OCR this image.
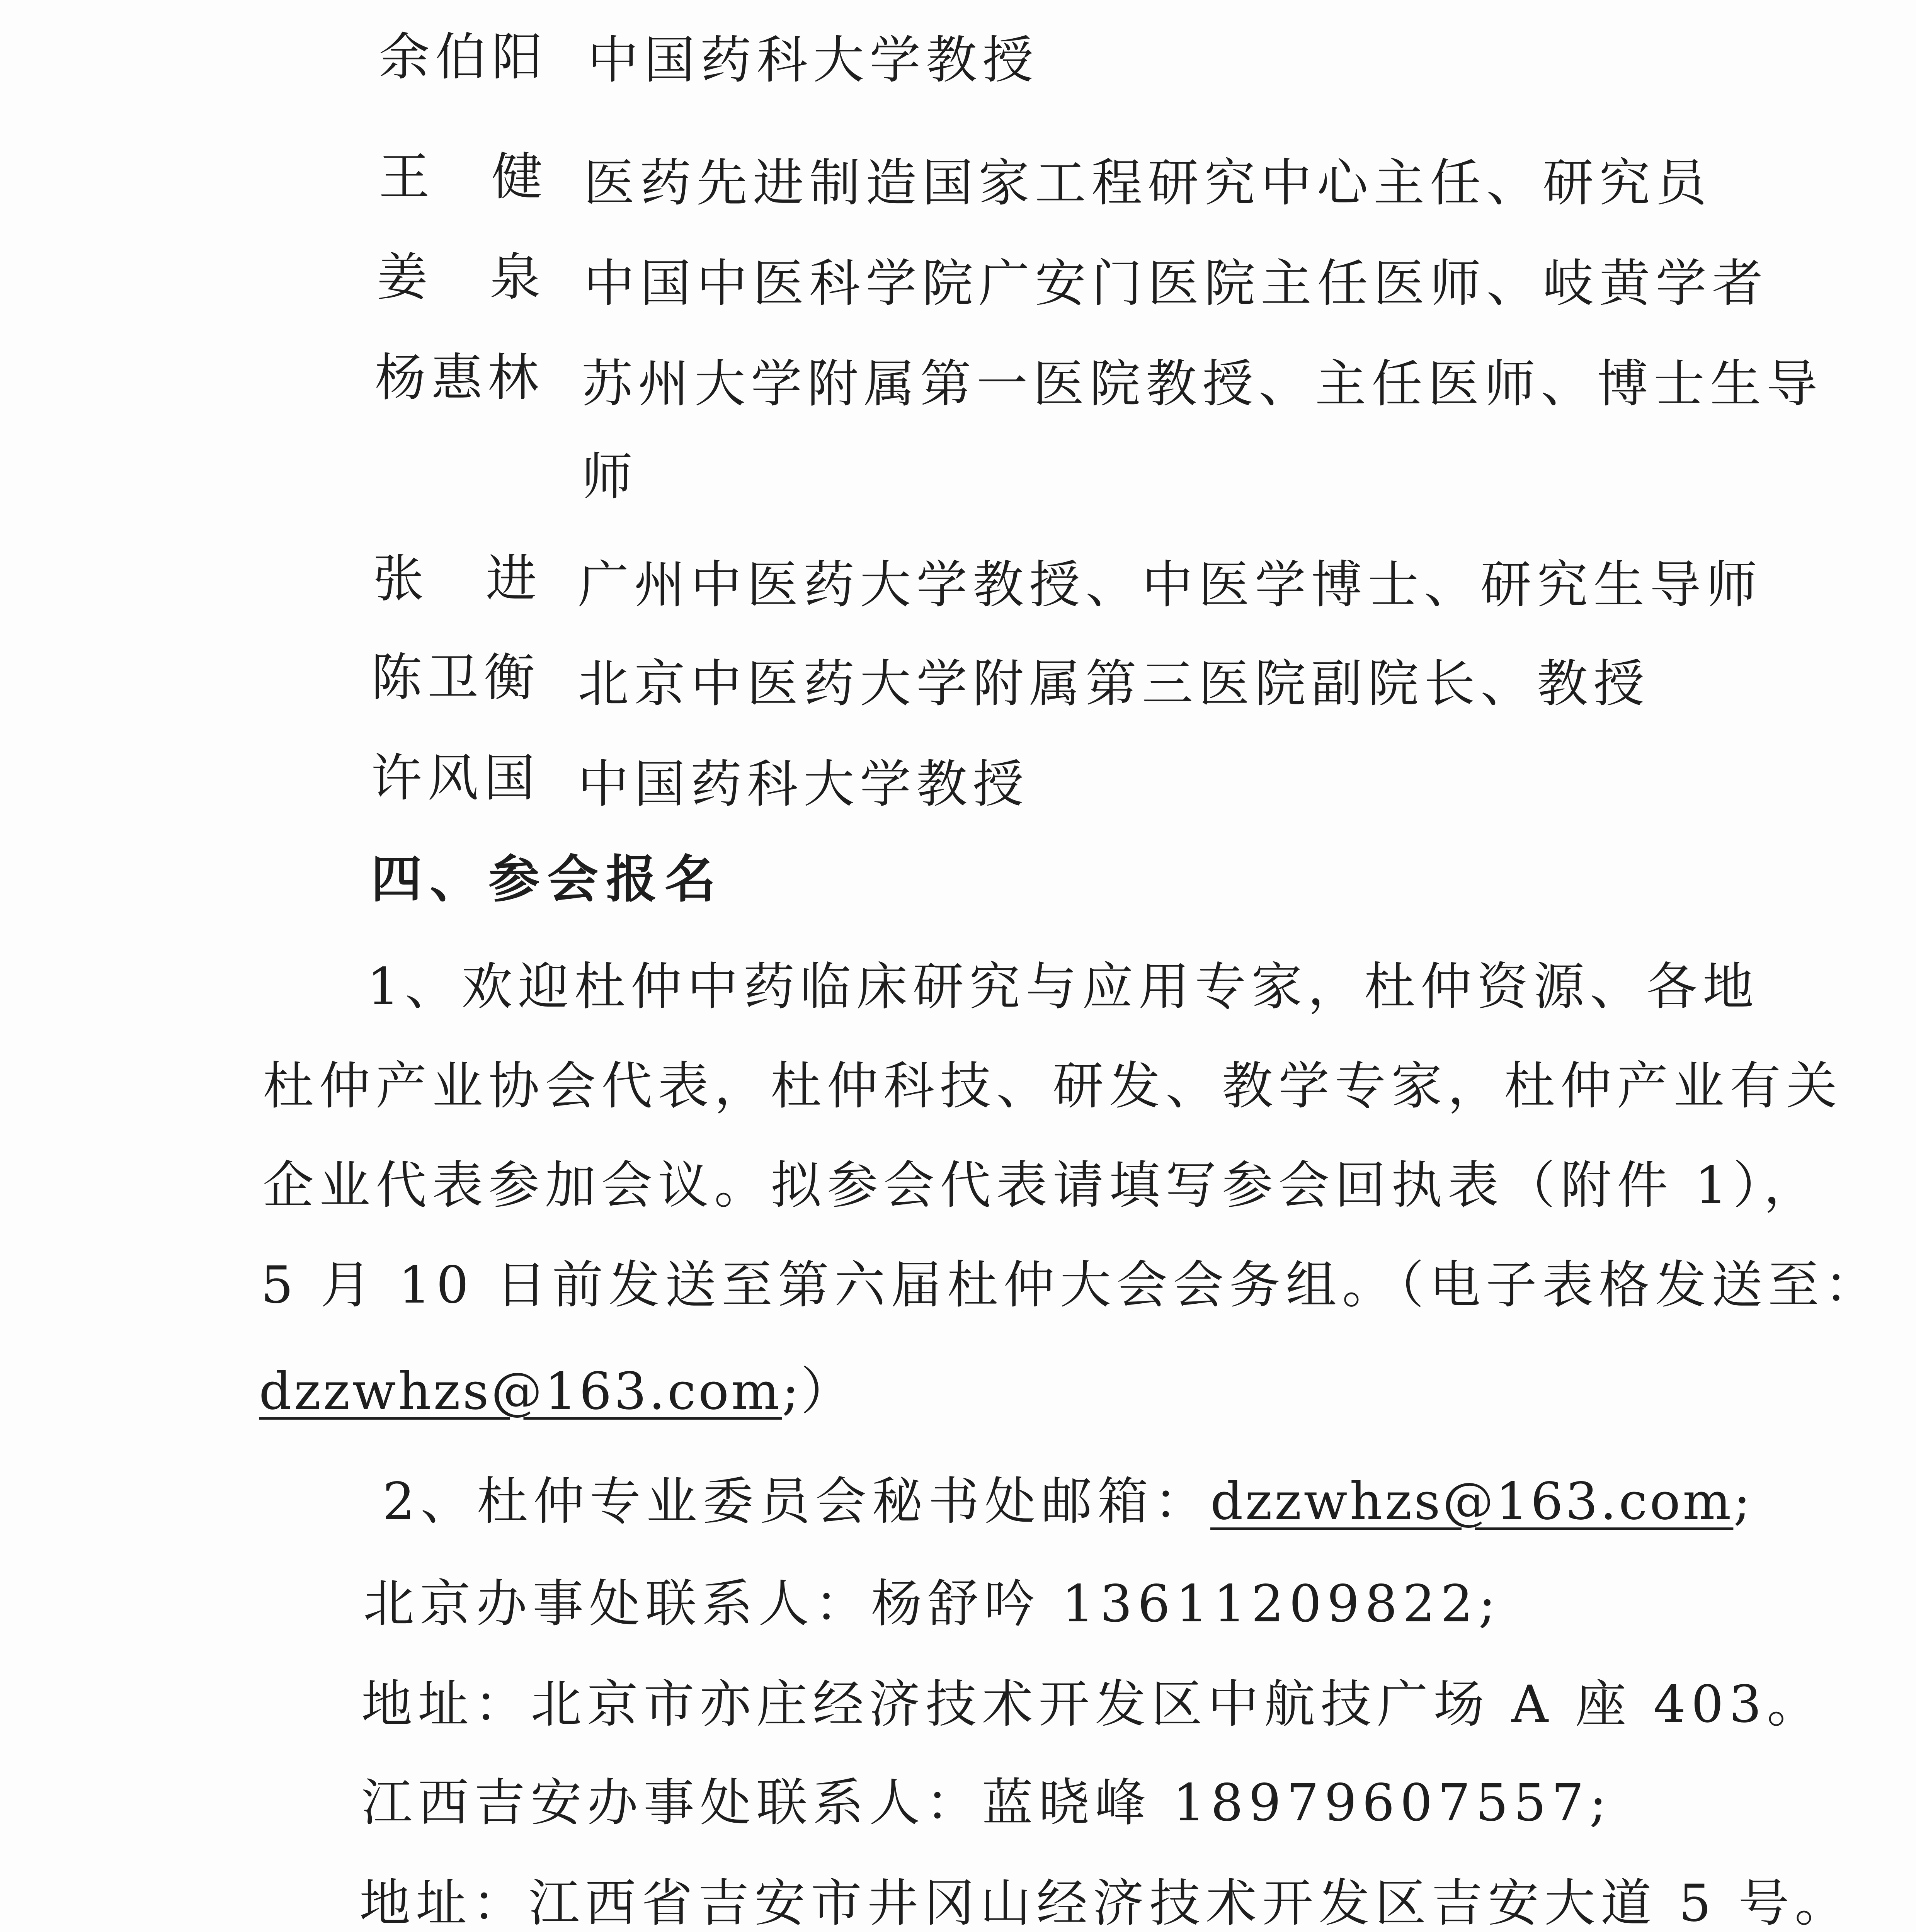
余伯阳 中国药科大学教授
王　健 医药先进制造国家工程研究中心主任、研究员
姜　泉 中国中医科学院广安门医院主任医师、岐黄学者
杨惠林 苏州大学附属第一医院教授、主任医师、博士生导
师
张　进 广州中医药大学教授、中医学博士、研究生导师
陈卫衡 北京中医药大学附属第三医院副院长、教授
许风国 中国药科大学教授
四、参会报名
1、欢迎杜仲中药临床研究与应用专家，杜仲资源、各地
杜仲产业协会代表，杜仲科技、研发、教学专家，杜仲产业有关
企业代表参加会议。拟参会代表请填写参会回执表（附件 1），
5 月 10 日前发送至第六届杜仲大会会务组。（电子表格发送至：
dzzwhzs@163.com;）
2、杜仲专业委员会秘书处邮箱：dzzwhzs@163.com;
北京办事处联系人：杨舒吟 13611209822;
地址：北京市亦庄经济技术开发区中航技广场 A 座 403。
江西吉安办事处联系人：蓝晓峰 18979607557;
地址：江西省吉安市井冈山经济技术开发区吉安大道 5 号。
